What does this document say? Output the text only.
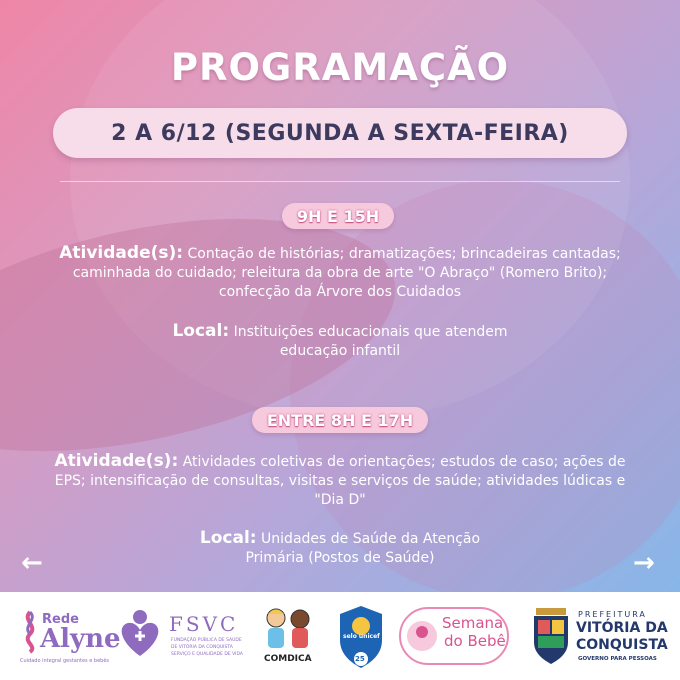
PROGRAMAÇÃO
2 A 6/12 (SEGUNDA A SEXTA-FEIRA)
9H E 15H
Atividade(s): Contação de histórias; dramatizações; brincadeiras cantadas; caminhada do cuidado; releitura da obra de arte "O Abraço" (Romero Brito); confecção da Árvore dos Cuidados
Local: Instituições educacionais que atendem educação infantil
ENTRE 8H E 17H
Atividade(s): Atividades coletivas de orientações; estudos de caso; ações de EPS; intensificação de consultas, visitas e serviços de saúde; atividades lúdicas e "Dia D"
Local: Unidades de Saúde da Atenção Primária (Postos de Saúde)
←	→
Rede
Alyne
Cuidado integral gestantes e bebês
FSVC
FUNDAÇÃO PÚBLICA DE SAÚDE
DE VITÓRIA DA CONQUISTA
SERVIÇO E QUALIDADE DE VIDA COMDICA
selo unicef
25
Semana
do Bebê
PREFEITURA
VITÓRIA DA
CONQUISTA
GOVERNO PARA PESSOAS
